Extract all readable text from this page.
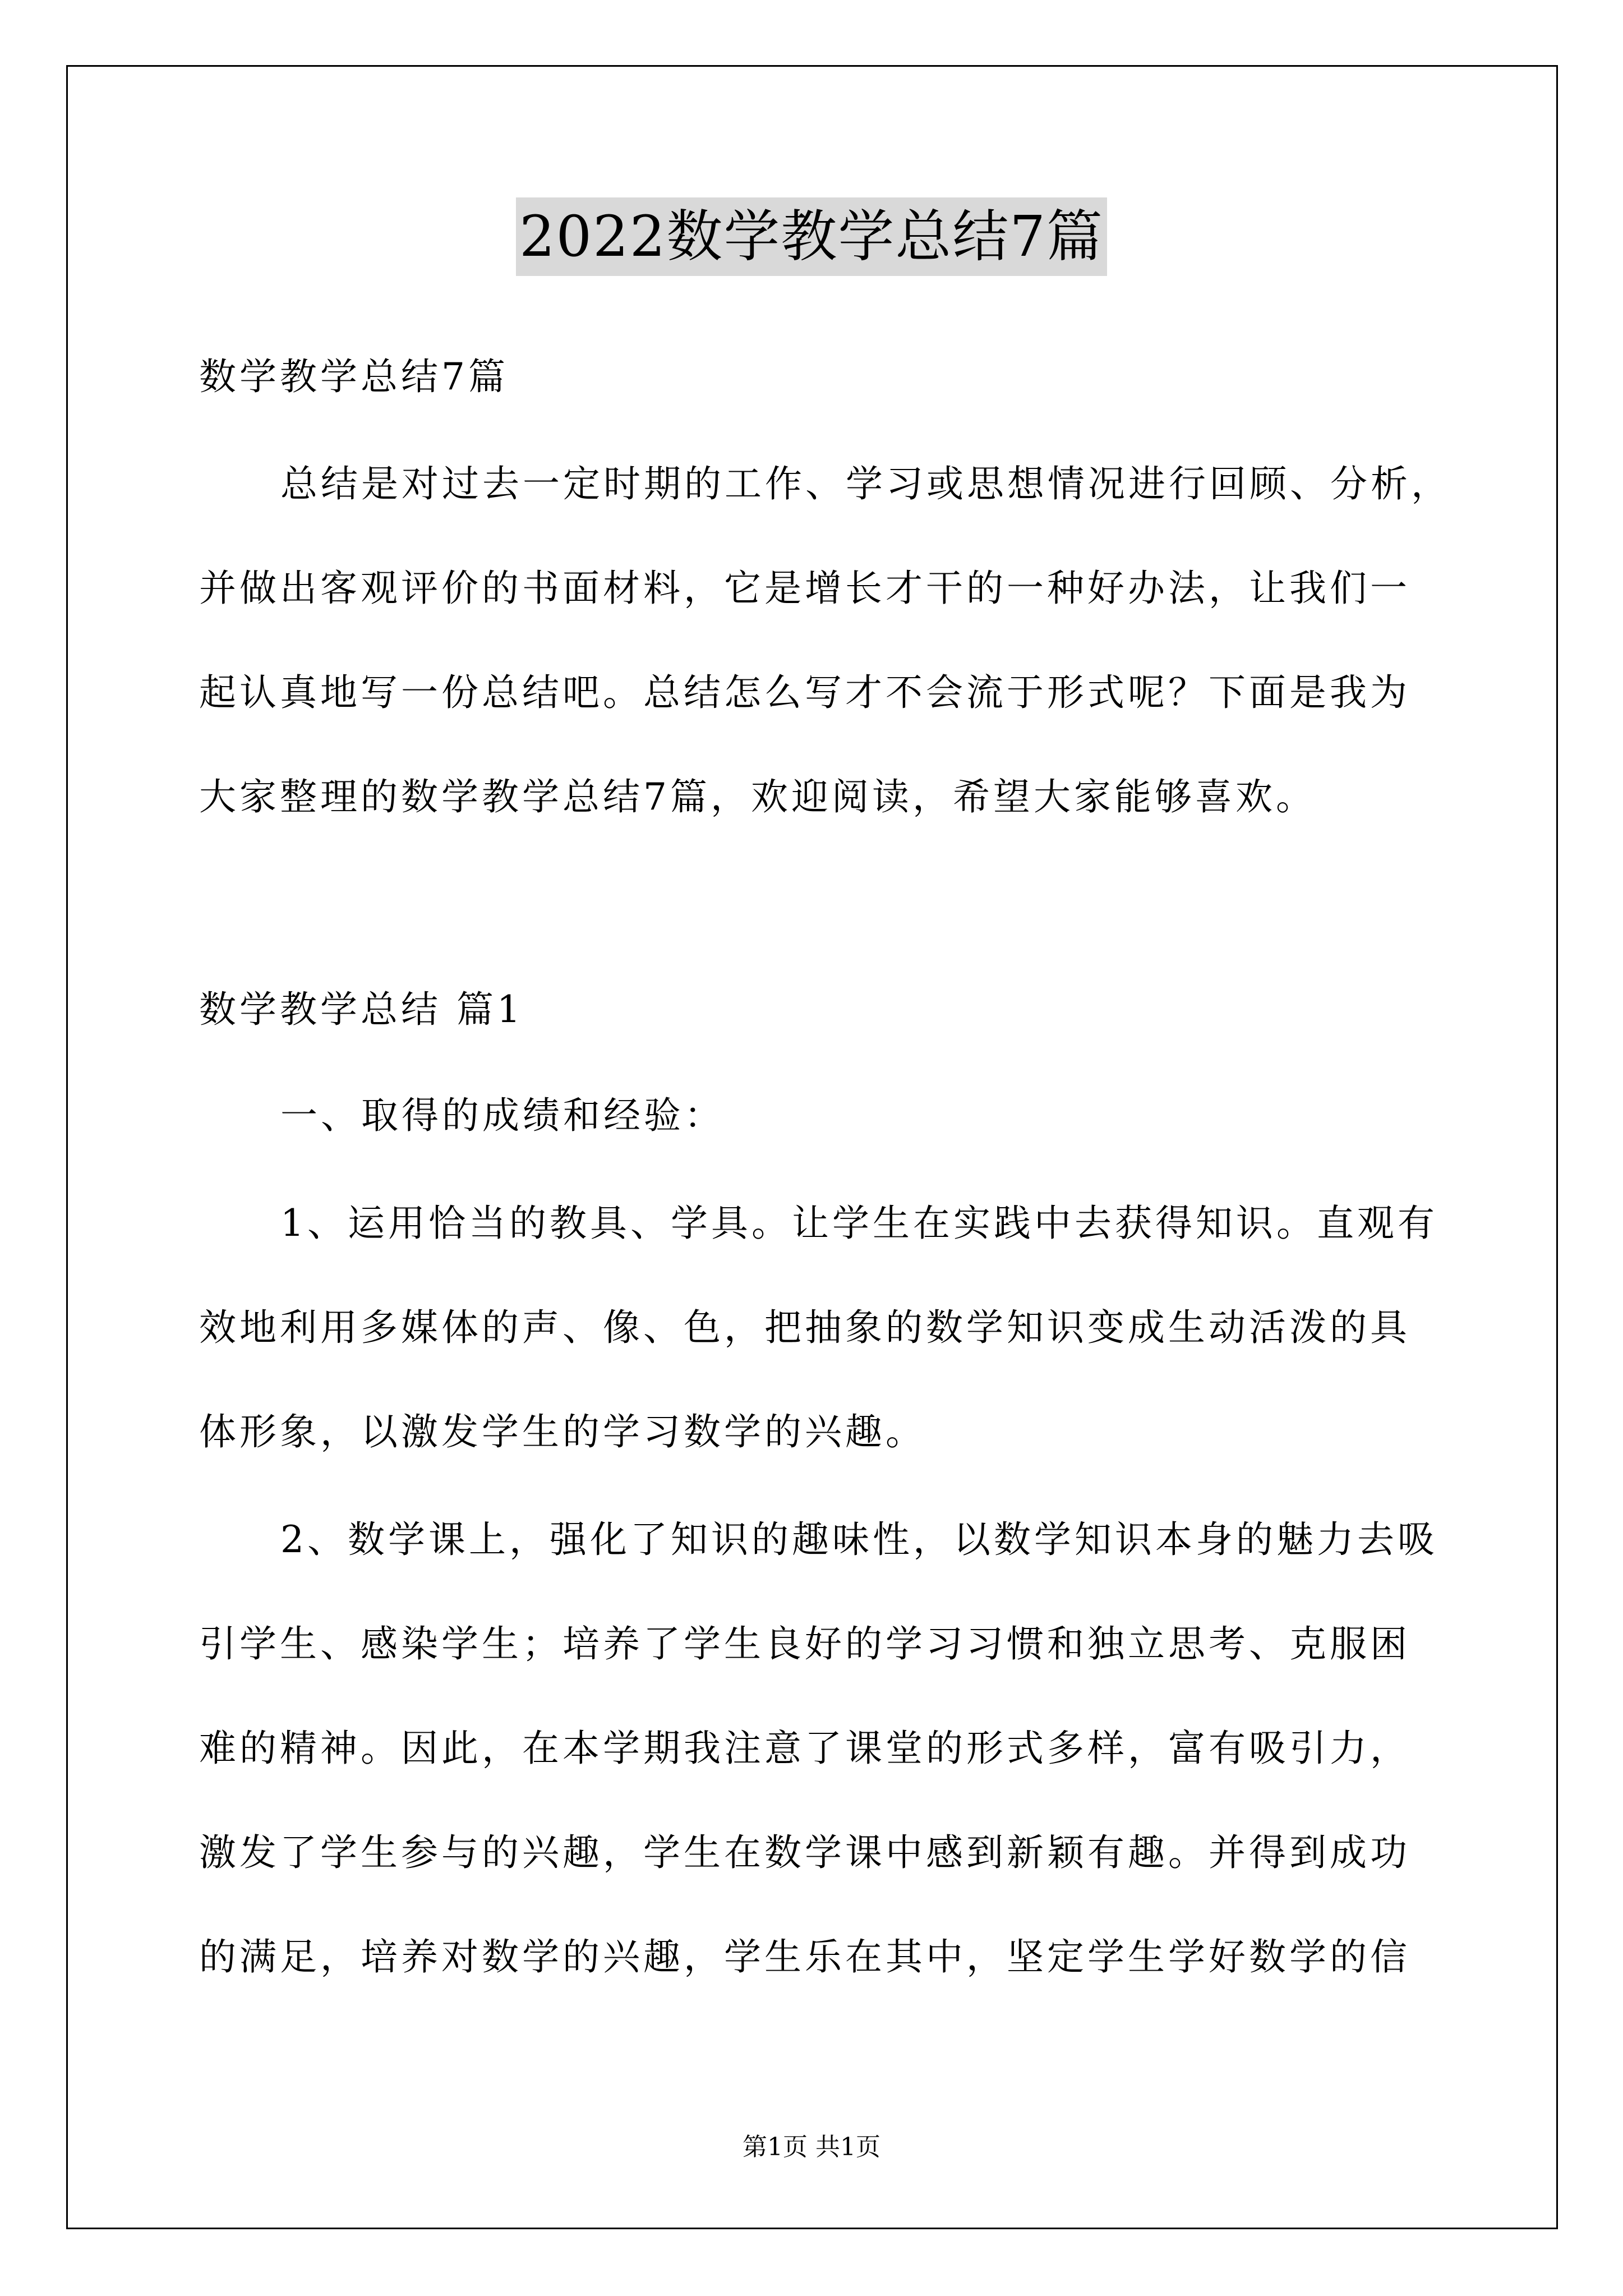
2022数学教学总结7篇
数学教学总结7篇
总结是对过去一定时期的工作、学习或思想情况进行回顾、分析，
并做出客观评价的书面材料，它是增长才干的一种好办法，让我们一
起认真地写一份总结吧。总结怎么写才不会流于形式呢？下面是我为
大家整理的数学教学总结7篇，欢迎阅读，希望大家能够喜欢。
数学教学总结 篇1
一、取得的成绩和经验：
1、运用恰当的教具、学具。让学生在实践中去获得知识。直观有
效地利用多媒体的声、像、色，把抽象的数学知识变成生动活泼的具
体形象，以激发学生的学习数学的兴趣。
2、数学课上，强化了知识的趣味性，以数学知识本身的魅力去吸
引学生、感染学生；培养了学生良好的学习习惯和独立思考、克服困
难的精神。因此，在本学期我注意了课堂的形式多样，富有吸引力，
激发了学生参与的兴趣，学生在数学课中感到新颖有趣。并得到成功
的满足，培养对数学的兴趣，学生乐在其中，坚定学生学好数学的信
第1页 共1页
